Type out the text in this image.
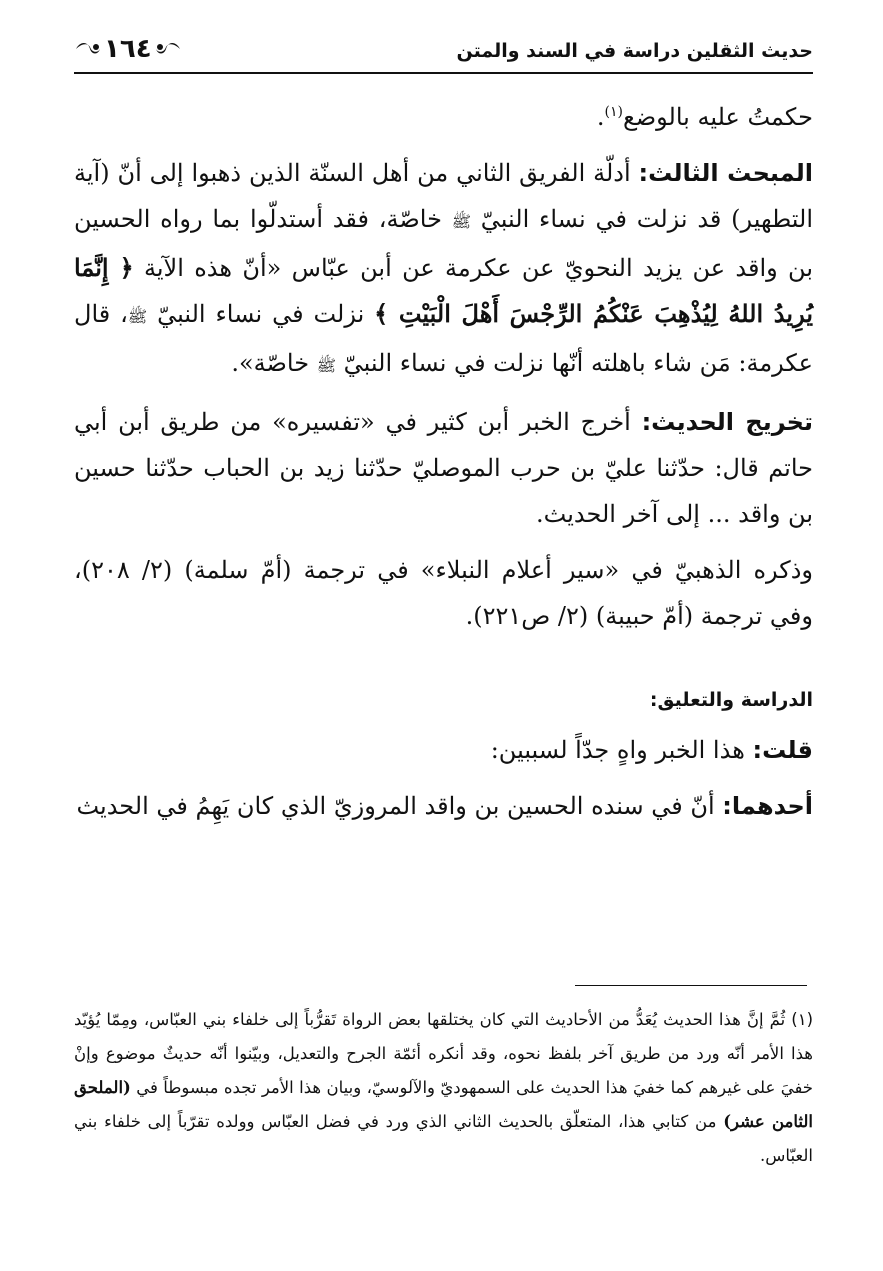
حديث الثقلين دراسة في السند والمتن
١٦٤

حكمتُ عليه بالوضع$^{(١)}$.

المبحث الثالث: أدلّة الفريق الثاني من أهل السنّة الذين ذهبوا إلى أنّ (آية التطهير) قد نزلت في نساء النبيّ ﷺ خاصّة، فقد أستدلّوا بما رواه الحسين بن واقد عن يزيد النحويّ عن عكرمة عن أبن عبّاس «أنّ هذه الآية ﴿ إِنَّمَا يُرِيدُ اللهُ لِيُذْهِبَ عَنْكُمُ الرِّجْسَ أَهْلَ الْبَيْتِ ﴾ نزلت في نساء النبيّ ﷺ، قال عكرمة: مَن شاء باهلته أنّها نزلت في نساء النبيّ ﷺ خاصّة».

تخريج الحديث: أخرج الخبر أبن كثير في «تفسيره» من طريق أبن أبي حاتم قال: حدّثنا عليّ بن حرب الموصليّ حدّثنا زيد بن الحباب حدّثنا حسين بن واقد ... إلى آخر الحديث.

وذكره الذهبيّ في «سير أعلام النبلاء» في ترجمة (أمّ سلمة) (٢/ ٢٠٨)، وفي ترجمة (أمّ حبيبة) (٢/ ص٢٢١).

الدراسة والتعليق:

قلت: هذا الخبر واهٍ جدّاً لسببين:

أحدهما: أنّ في سنده الحسين بن واقد المروزيّ الذي كان يَهِمُ في الحديث

(١) ثُمَّ إنَّ هذا الحديث يُعَدُّ من الأحاديث التي كان يختلقها بعض الرواة تَقرُّباً إلى خلفاء بني العبّاس، ومِمّا يُؤيّد هذا الأمر أنّه ورد من طريق آخر بلفظ نحوه، وقد أنكره أئمّة الجرح والتعديل، وبيّنوا أنّه حديثٌ موضوع وإنْ خفيَ على غيرهم كما خفيَ هذا الحديث على السمهوديّ والآلوسيّ، وبيان هذا الأمر تجده مبسوطاً في (الملحق الثامن عشر) من كتابي هذا، المتعلّق بالحديث الثاني الذي ورد في فضل العبّاس وولده تقرّباً إلى خلفاء بني العبّاس.
